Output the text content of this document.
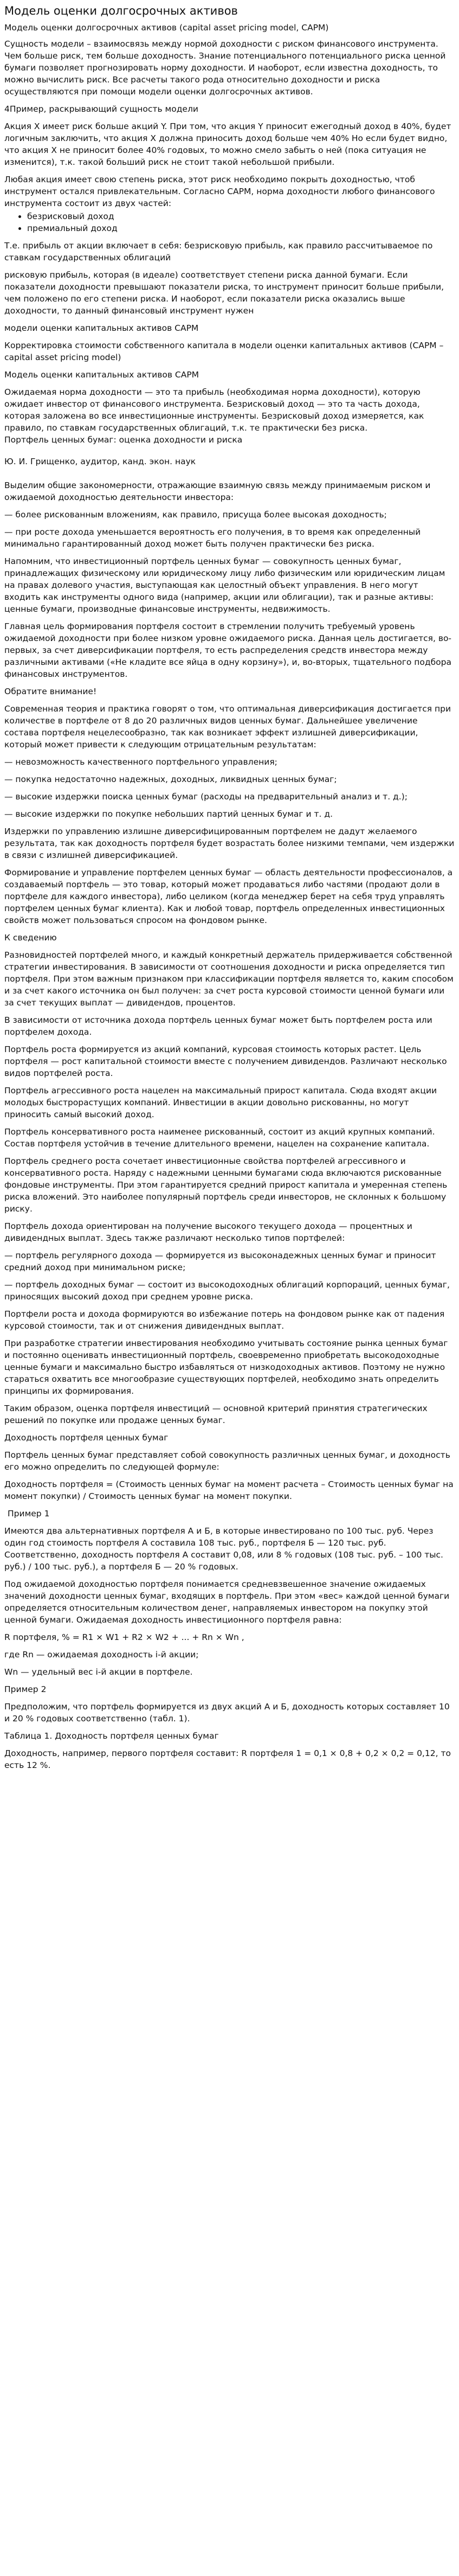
Модель оценки долгосрочных активов

Модель оценки долгосрочных активов (capital asset pricing model, CAPM)

Сущность модели – взаимосвязь между нормой доходности с риском финансового инструмента. Чем больше риск, тем больше доходность. Знание потенциального потенциального риска ценной бумаги позволяет прогнозировать норму доходности. И наоборот, если известна доходность, то можно вычислить риск. Все расчеты такого рода относительно доходности и риска осуществляются при помощи модели оценки долгосрочных активов.

4Пример, раскрывающий сущность модели

Акция X имеет риск больше акций Y. При том, что акция Y приносит ежегодный доход в 40%, будет логичным заключить, что акция X должна приносить доход больше чем 40% Но если будет видно, что акция X не приносит более 40% годовых, то можно смело забыть о ней (пока ситуация не изменится), т.к. такой больший риск не стоит такой небольшой прибыли.

Любая акция имеет свою степень риска, этот риск необходимо покрыть доходностью, чтоб инструмент остался привлекательным. Согласно CAPM, норма доходности любого финансового инструмента состоит из двух частей:

• безрисковый доход
• премиальный доход

Т.е. прибыль от акции включает в себя: безрисковую прибыль, как правило рассчитываемое по ставкам государственных облигаций

рисковую прибыль, которая (в идеале) соответствует степени риска данной бумаги. Если показатели доходности превышают показатели риска, то инструмент приносит больше прибыли, чем положено по его степени риска. И наоборот, если показатели риска оказались выше доходности, то данный финансовый инструмент нужен

модели оценки капитальных активов CAPM

Корректировка стоимости собственного капитала в модели оценки капитальных активов (CAPM – capital asset pricing model)

Модель оценки капитальных активов CAPM

Ожидаемая норма доходности — это та прибыль (необходимая норма доходности), которую ожидает инвестор от финансового инструмента. Безрисковый доход — это та часть дохода, которая заложена во все инвестиционные инструменты. Безрисковый доход измеряется, как правило, по ставкам государственных облигаций, т.к. те практически без риска.

Портфель ценных бумаг: оценка доходности и риска

Ю. И. Грищенко, аудитор, канд. экон. наук

Выделим общие закономерности, отражающие взаимную связь между принимаемым риском и ожидаемой доходностью деятельности инвестора:

— более рискованным вложениям, как правило, присуща более высокая доходность;

— при росте дохода уменьшается вероятность его получения, в то время как определенный минимально гарантированный доход может быть получен практически без риска.

Напомним, что инвестиционный портфель ценных бумаг — совокупность ценных бумаг, принадлежащих физическому или юридическому лицу либо физическим или юридическим лицам на правах долевого участия, выступающая как целостный объект управления. В него могут входить как инструменты одного вида (например, акции или облигации), так и разные активы: ценные бумаги, производные финансовые инструменты, недвижимость.

Главная цель формирования портфеля состоит в стремлении получить требуемый уровень ожидаемой доходности при более низком уровне ожидаемого риска. Данная цель достигается, во-первых, за счет диверсификации портфеля, то есть распределения средств инвестора между различными активами («Не кладите все яйца в одну корзину»), и, во-вторых, тщательного подбора финансовых инструментов.

Обратите внимание!

Современная теория и практика говорят о том, что оптимальная диверсификация достигается при количестве в портфеле от 8 до 20 различных видов ценных бумаг. Дальнейшее увеличение состава портфеля нецелесообразно, так как возникает эффект излишней диверсификации, который может привести к следующим отрицательным результатам:

— невозможность качественного портфельного управления;

— покупка недостаточно надежных, доходных, ликвидных ценных бумаг;

— высокие издержки поиска ценных бумаг (расходы на предварительный анализ и т. д.);

— высокие издержки по покупке небольших партий ценных бумаг и т. д.

Издержки по управлению излишне диверсифицированным портфелем не дадут желаемого результата, так как доходность портфеля будет возрастать более низкими темпами, чем издержки в связи с излишней диверсификацией.

Формирование и управление портфелем ценных бумаг — область деятельности профессионалов, а создаваемый портфель — это товар, который может продаваться либо частями (продают доли в портфеле для каждого инвестора), либо целиком (когда менеджер берет на себя труд управлять портфелем ценных бумаг клиента). Как и любой товар, портфель определенных инвестиционных свойств может пользоваться спросом на фондовом рынке.

К сведению

Разновидностей портфелей много, и каждый конкретный держатель придерживается собственной стратегии инвестирования. В зависимости от соотношения доходности и риска определяется тип портфеля. При этом важным признаком при классификации портфеля является то, каким способом и за счет какого источника он был получен: за счет роста курсовой стоимости ценной бумаги или за счет текущих выплат — дивидендов, процентов.

В зависимости от источника дохода портфель ценных бумаг может быть портфелем роста или портфелем дохода.

Портфель роста формируется из акций компаний, курсовая стоимость которых растет. Цель портфеля — рост капитальной стоимости вместе с получением дивидендов. Различают несколько видов портфелей роста.

Портфель агрессивного роста нацелен на максимальный прирост капитала. Сюда входят акции молодых быстрорастущих компаний. Инвестиции в акции довольно рискованны, но могут приносить самый высокий доход.

Портфель консервативного роста наименее рискованный, состоит из акций крупных компаний. Состав портфеля устойчив в течение длительного времени, нацелен на сохранение капитала.

Портфель среднего роста сочетает инвестиционные свойства портфелей агрессивного и консервативного роста. Наряду с надежными ценными бумагами сюда включаются рискованные фондовые инструменты. При этом гарантируется средний прирост капитала и умеренная степень риска вложений. Это наиболее популярный портфель среди инвесторов, не склонных к большому риску.

Портфель дохода ориентирован на получение высокого текущего дохода — процентных и дивидендных выплат. Здесь также различают несколько типов портфелей:

— портфель регулярного дохода — формируется из высоконадежных ценных бумаг и приносит средний доход при минимальном риске;

— портфель доходных бумаг — состоит из высокодоходных облигаций корпораций, ценных бумаг, приносящих высокий доход при среднем уровне риска.

Портфели роста и дохода формируются во избежание потерь на фондовом рынке как от падения курсовой стоимости, так и от снижения дивидендных выплат.

При разработке стратегии инвестирования необходимо учитывать состояние рынка ценных бумаг и постоянно оценивать инвестиционный портфель, своевременно приобретать высокодоходные ценные бумаги и максимально быстро избавляться от низкодоходных активов. Поэтому не нужно стараться охватить все многообразие существующих портфелей, необходимо знать определить принципы их формирования.

Таким образом, оценка портфеля инвестиций — основной критерий принятия стратегических решений по покупке или продаже ценных бумаг.

Доходность портфеля ценных бумаг

Портфель ценных бумаг представляет собой совокупность различных ценных бумаг, и доходность его можно определить по следующей формуле:

Доходность портфеля = (Стоимость ценных бумаг на момент расчета – Стоимость ценных бумаг на момент покупки) / Стоимость ценных бумаг на момент покупки.

Пример 1

Имеются два альтернативных портфеля А и Б, в которые инвестировано по 100 тыс. руб. Через один год стоимость портфеля А составила 108 тыс. руб., портфеля Б — 120 тыс. руб. Соответственно, доходность портфеля А составит 0,08, или 8 % годовых (108 тыс. руб. – 100 тыс. руб.) / 100 тыс. руб.), а портфеля Б — 20 % годовых.

Под ожидаемой доходностью портфеля понимается средневзвешенное значение ожидаемых значений доходности ценных бумаг, входящих в портфель. При этом «вес» каждой ценной бумаги определяется относительным количеством денег, направляемых инвестором на покупку этой ценной бумаги. Ожидаемая доходность инвестиционного портфеля равна:

R портфеля, % = R1 × W1 + R2 × W2 + ... + Rn × Wn ,

где Rn — ожидаемая доходность i-й акции;

Wn — удельный вес i-й акции в портфеле.

Пример 2

Предположим, что портфель формируется из двух акций А и Б, доходность которых составляет 10 и 20 % годовых соответственно (табл. 1).

Таблица 1. Доходность портфеля ценных бумаг

Доходность, например, первого портфеля составит: R портфеля 1 = 0,1 × 0,8 + 0,2 × 0,2 = 0,12, то есть 12 %.
